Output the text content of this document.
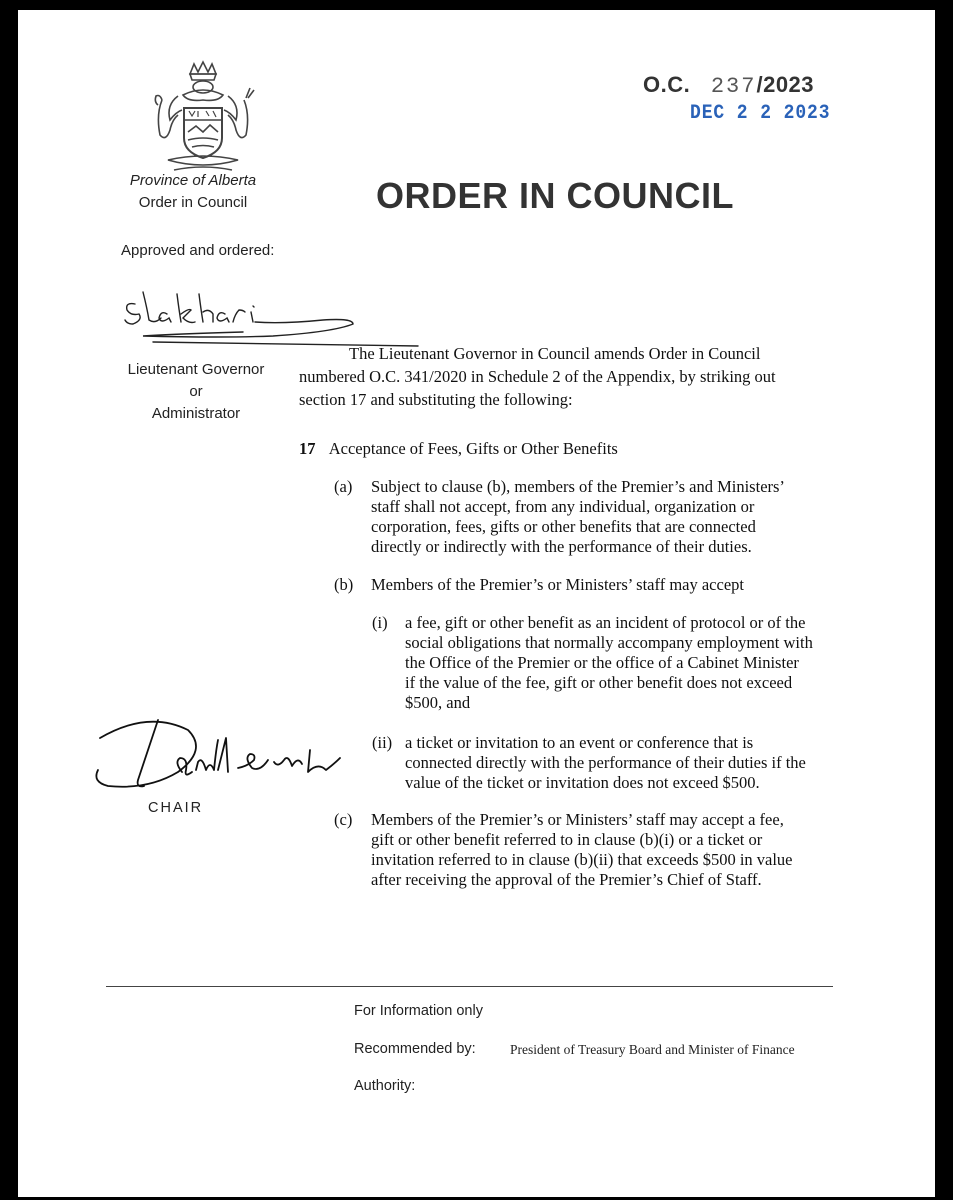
Province of Alberta
Order in Council
O.C. 237/2023
DEC 2 2 2023
ORDER IN COUNCIL
Approved and ordered:
Lieutenant Governor
or
Administrator
The Lieutenant Governor in Council amends Order in Council
numbered O.C. 341/2020 in Schedule 2 of the Appendix, by striking out
section 17 and substituting the following:
17 Acceptance of Fees, Gifts or Other Benefits
(a) Subject to clause (b), members of the Premier’s and Ministers’
staff shall not accept, from any individual, organization or
corporation, fees, gifts or other benefits that are connected
directly or indirectly with the performance of their duties.
(b) Members of the Premier’s or Ministers’ staff may accept
(i) a fee, gift or other benefit as an incident of protocol or of the
social obligations that normally accompany employment with
the Office of the Premier or the office of a Cabinet Minister
if the value of the fee, gift or other benefit does not exceed
$500, and
(ii) a ticket or invitation to an event or conference that is
connected directly with the performance of their duties if the
value of the ticket or invitation does not exceed $500.
(c) Members of the Premier’s or Ministers’ staff may accept a fee,
gift or other benefit referred to in clause (b)(i) or a ticket or
invitation referred to in clause (b)(ii) that exceeds $500 in value
after receiving the approval of the Premier’s Chief of Staff.
CHAIR
For Information only
Recommended by:	President of Treasury Board and Minister of Finance
Authority:
